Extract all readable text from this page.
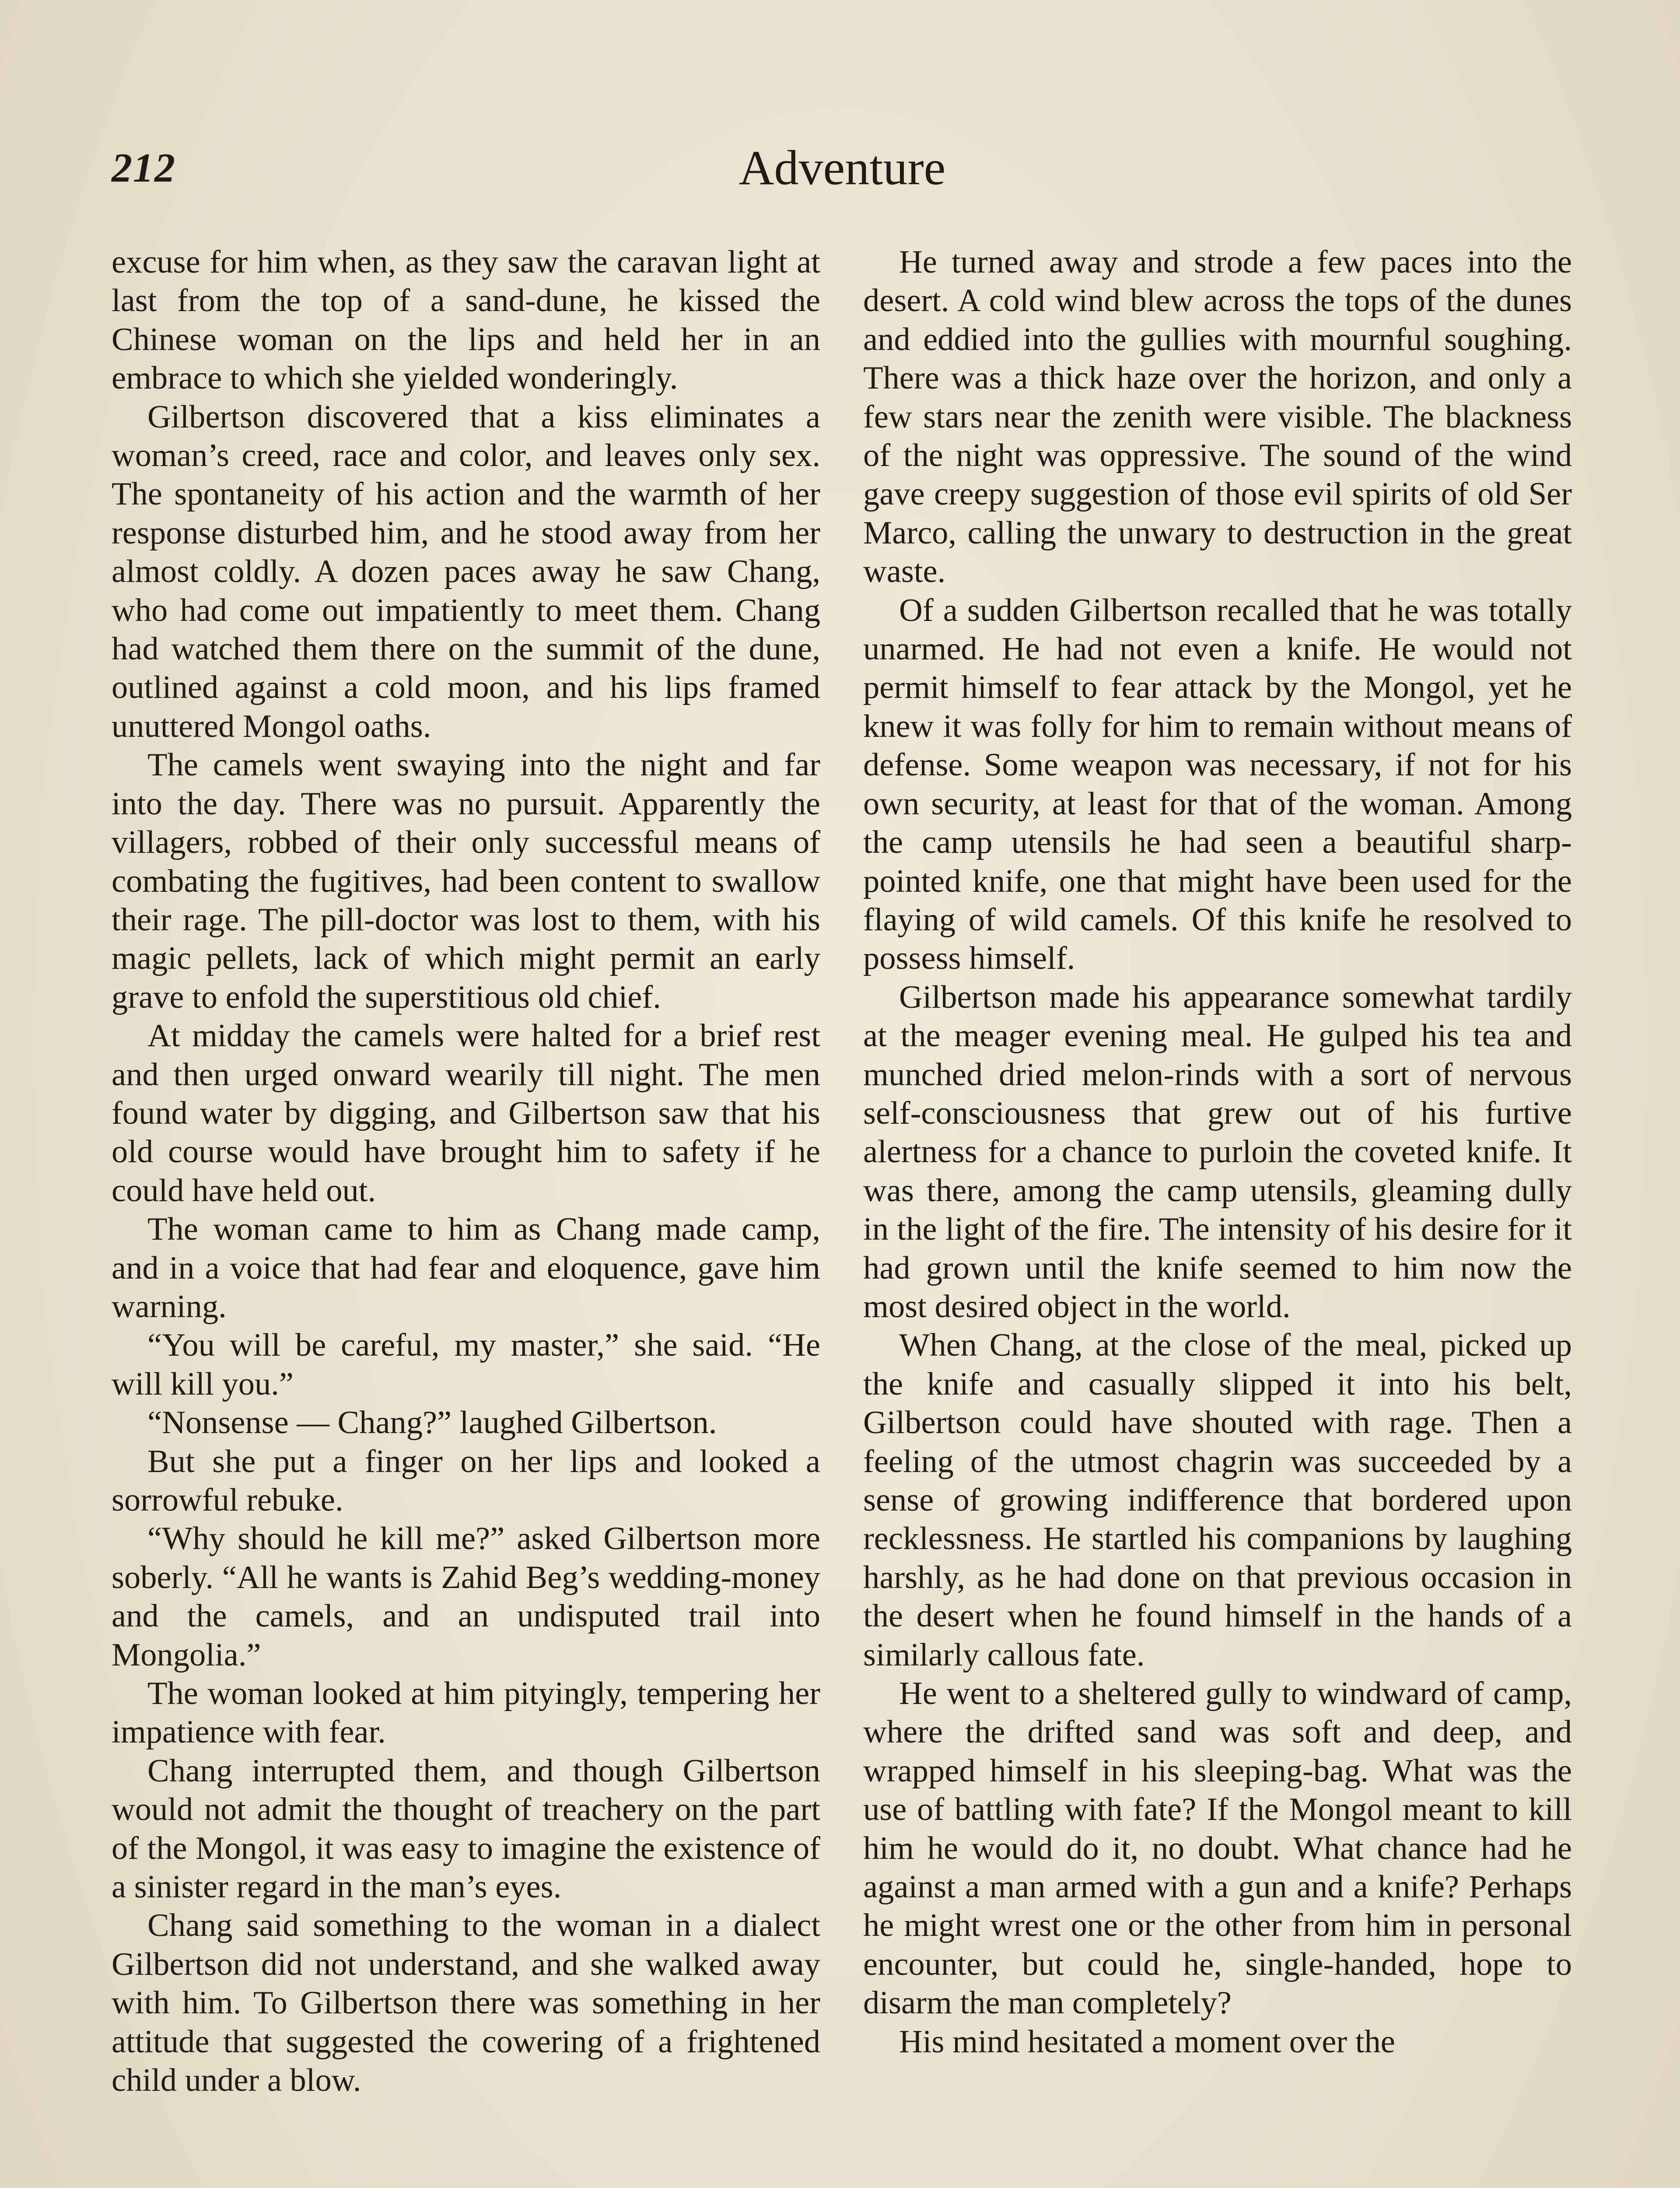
212	Adventure

excuse for him when, as they saw the caravan light at last from the top of a sand-dune, he kissed the Chinese woman on the lips and held her in an embrace to which she yielded wonderingly.

Gilbertson discovered that a kiss eliminates a woman’s creed, race and color, and leaves only sex. The spontaneity of his action and the warmth of her response disturbed him, and he stood away from her almost coldly. A dozen paces away he saw Chang, who had come out impatiently to meet them. Chang had watched them there on the summit of the dune, outlined against a cold moon, and his lips framed unuttered Mongol oaths.

The camels went swaying into the night and far into the day. There was no pursuit. Apparently the villagers, robbed of their only successful means of combating the fugitives, had been content to swallow their rage. The pill-doctor was lost to them, with his magic pellets, lack of which might permit an early grave to enfold the superstitious old chief.

At midday the camels were halted for a brief rest and then urged onward wearily till night. The men found water by digging, and Gilbertson saw that his old course would have brought him to safety if he could have held out.

The woman came to him as Chang made camp, and in a voice that had fear and eloquence, gave him warning.

“You will be careful, my master,” she said. “He will kill you.”

“Nonsense — Chang?” laughed Gilbertson.

But she put a finger on her lips and looked a sorrowful rebuke.

“Why should he kill me?” asked Gilbertson more soberly. “All he wants is Zahid Beg’s wedding-money and the camels, and an undisputed trail into Mongolia.”

The woman looked at him pityingly, tempering her impatience with fear.

Chang interrupted them, and though Gilbertson would not admit the thought of treachery on the part of the Mongol, it was easy to imagine the existence of a sinister regard in the man’s eyes.

Chang said something to the woman in a dialect Gilbertson did not understand, and she walked away with him. To Gilbertson there was something in her attitude that suggested the cowering of a frightened child under a blow.

He turned away and strode a few paces into the desert. A cold wind blew across the tops of the dunes and eddied into the gullies with mournful soughing. There was a thick haze over the horizon, and only a few stars near the zenith were visible. The blackness of the night was oppressive. The sound of the wind gave creepy suggestion of those evil spirits of old Ser Marco, calling the unwary to destruction in the great waste.

Of a sudden Gilbertson recalled that he was totally unarmed. He had not even a knife. He would not permit himself to fear attack by the Mongol, yet he knew it was folly for him to remain without means of defense. Some weapon was necessary, if not for his own security, at least for that of the woman. Among the camp utensils he had seen a beautiful sharp-pointed knife, one that might have been used for the flaying of wild camels. Of this knife he resolved to possess himself.

Gilbertson made his appearance somewhat tardily at the meager evening meal. He gulped his tea and munched dried melon-rinds with a sort of nervous self-consciousness that grew out of his furtive alertness for a chance to purloin the coveted knife. It was there, among the camp utensils, gleaming dully in the light of the fire. The intensity of his desire for it had grown until the knife seemed to him now the most desired object in the world.

When Chang, at the close of the meal, picked up the knife and casually slipped it into his belt, Gilbertson could have shouted with rage. Then a feeling of the utmost chagrin was succeeded by a sense of growing indifference that bordered upon recklessness. He startled his companions by laughing harshly, as he had done on that previous occasion in the desert when he found himself in the hands of a similarly callous fate.

He went to a sheltered gully to windward of camp, where the drifted sand was soft and deep, and wrapped himself in his sleeping-bag. What was the use of battling with fate? If the Mongol meant to kill him he would do it, no doubt. What chance had he against a man armed with a gun and a knife? Perhaps he might wrest one or the other from him in personal encounter, but could he, single-handed, hope to disarm the man completely?

His mind hesitated a moment over the
